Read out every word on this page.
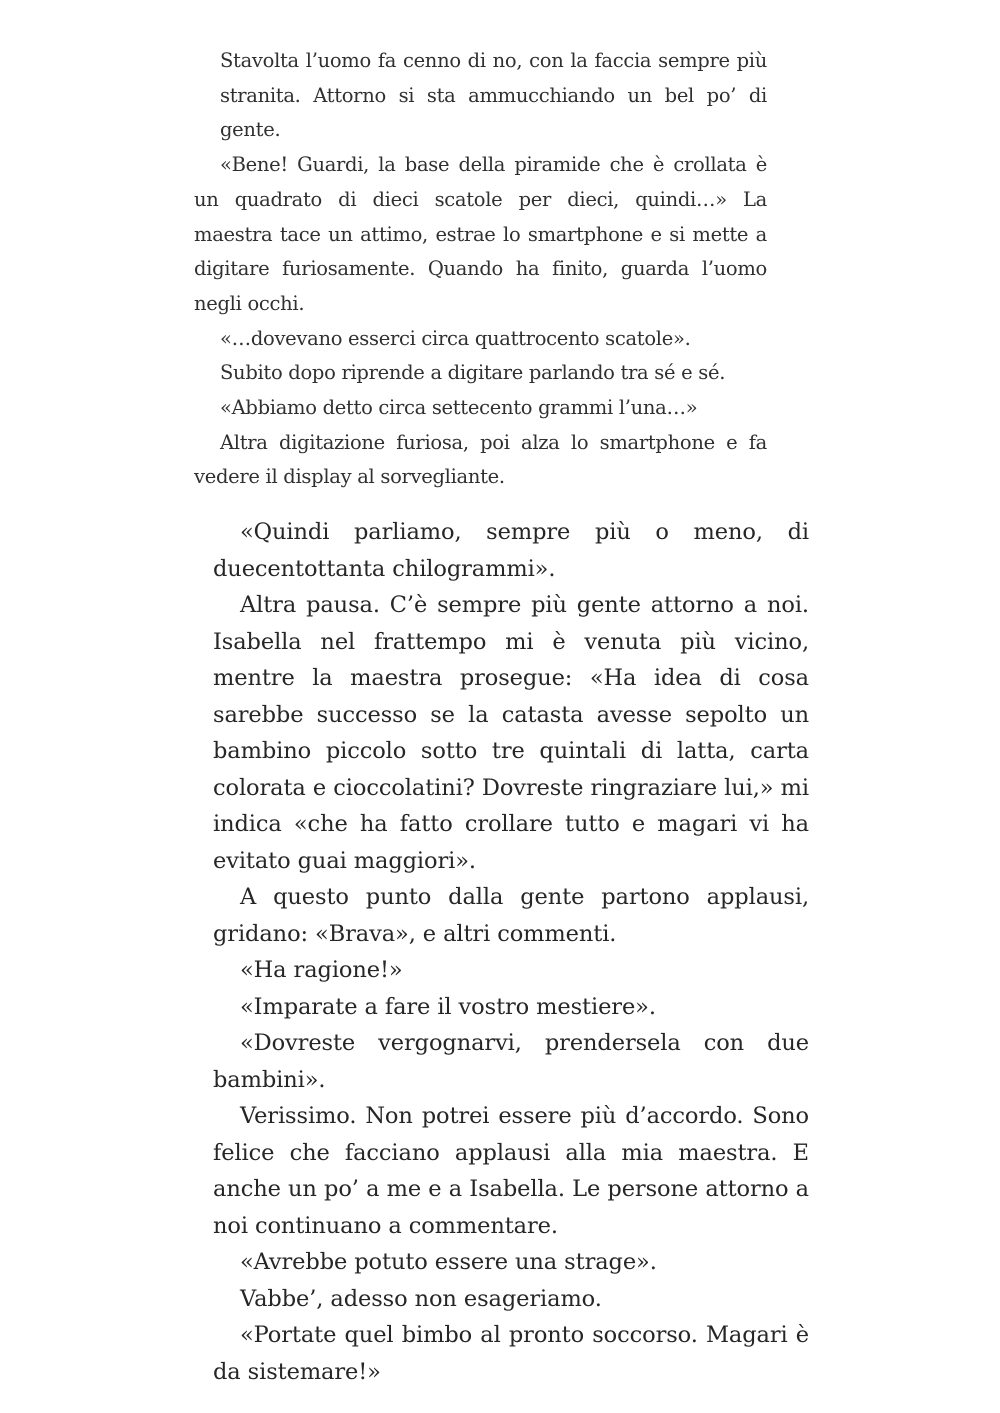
Stavolta l’uomo fa cenno di no, con la faccia sempre più stranita. Attorno si sta ammucchiando un bel po’ di gente.

«Bene! Guardi, la base della piramide che è crollata è un quadrato di dieci scatole per dieci, quindi…» La maestra tace un attimo, estrae lo smartphone e si mette a digitare furiosamente. Quando ha finito, guarda l’uomo negli occhi.

«…dovevano esserci circa quattrocento scatole».

Subito dopo riprende a digitare parlando tra sé e sé.

«Abbiamo detto circa settecento grammi l’una…»

Altra digitazione furiosa, poi alza lo smartphone e fa vedere il display al sorvegliante.

«Quindi parliamo, sempre più o meno, di duecentottanta chilogrammi».

Altra pausa. C’è sempre più gente attorno a noi. Isabella nel frattempo mi è venuta più vicino, mentre la maestra prosegue: «Ha idea di cosa sarebbe successo se la catasta avesse sepolto un bambino piccolo sotto tre quintali di latta, carta colorata e cioccolatini? Dovreste ringraziare lui,» mi indica «che ha fatto crollare tutto e magari vi ha evitato guai maggiori».

A questo punto dalla gente partono applausi, gridano: «Brava», e altri commenti.

«Ha ragione!»

«Imparate a fare il vostro mestiere».

«Dovreste vergognarvi, prendersela con due bambini».

Verissimo. Non potrei essere più d’accordo. Sono felice che facciano applausi alla mia maestra. E anche un po’ a me e a Isabella. Le persone attorno a noi continuano a commentare.

«Avrebbe potuto essere una strage».

Vabbe’, adesso non esageriamo.

«Portate quel bimbo al pronto soccorso. Magari è da sistemare!»
